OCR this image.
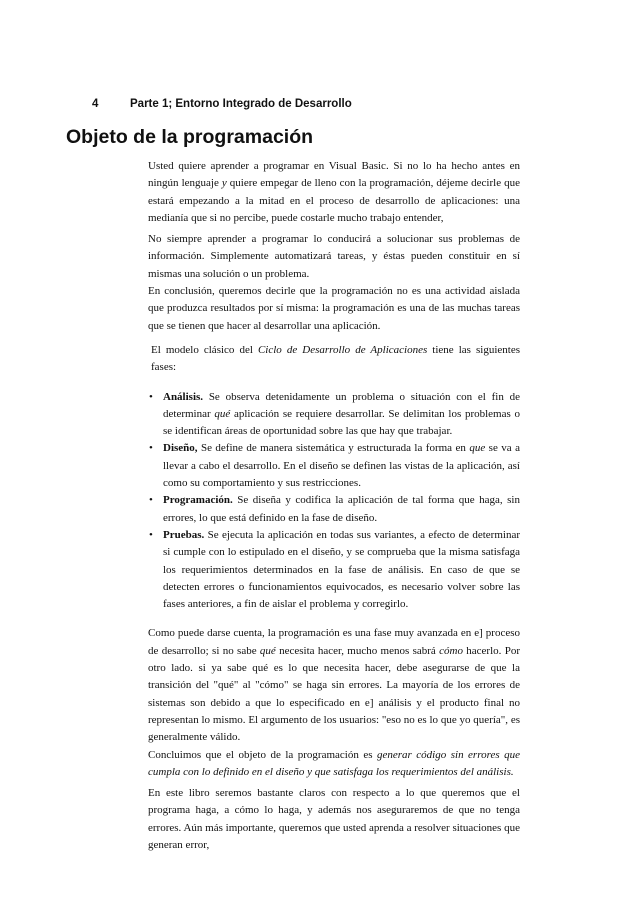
4	Parte 1; Entorno Integrado de Desarrollo
Objeto de la programación

Usted quiere aprender a programar en Visual Basic. Si no lo ha hecho antes en ningún lenguaje y quiere empegar de lleno con la programación, déjeme decirle que estará empezando a la mitad en el proceso de desarrollo de aplicaciones: una medianía que si no percibe, puede costarle mucho trabajo entender,

No siempre aprender a programar lo conducirá a solucionar sus problemas de información. Simplemente automatizará tareas, y éstas pueden constituir en sí mismas una solución o un problema.

En conclusión, queremos decirle que la programación no es una actividad aislada que produzca resultados por sí misma: la programación es una de las muchas tareas que se tienen que hacer al desarrollar una aplicación.

El modelo clásico del Ciclo de Desarrollo de Aplicaciones tiene las siguientes fases:

• Análisis. Se observa detenidamente un problema o situación con el fin de determinar qué aplicación se requiere desarrollar. Se delimitan los problemas o se identifican áreas de oportunidad sobre las que hay que trabajar.
• Diseño, Se define de manera sistemática y estructurada la forma en que se va a llevar a cabo el desarrollo. En el diseño se definen las vistas de la aplicación, así como su comportamiento y sus restricciones.
• Programación. Se diseña y codifica la aplicación de tal forma que haga, sin errores, lo que está definido en la fase de diseño.
• Pruebas. Se ejecuta la aplicación en todas sus variantes, a efecto de determinar si cumple con lo estipulado en el diseño, y se comprueba que la misma satisfaga los requerimientos determinados en la fase de análisis. En caso de que se detecten errores o funcionamientos equivocados, es necesario volver sobre las fases anteriores, a fin de aislar el problema y corregirlo.

Como puede darse cuenta, la programación es una fase muy avanzada en e] proceso de desarrollo; si no sabe qué necesita hacer, mucho menos sabrá cómo hacerlo. Por otro lado. si ya sabe qué es lo que necesita hacer, debe asegurarse de que la transición del "qué" al "cómo" se haga sin errores. La mayoría de los errores de sistemas son debido a que lo especificado en e] análisis y el producto final no representan lo mismo. El argumento de los usuarios: "eso no es lo que yo quería", es generalmente válido.

Concluimos que el objeto de la programación es generar código sin errores que cumpla con lo definido en el diseño y que satisfaga los requerimientos del análisis.

En este libro seremos bastante claros con respecto a lo que queremos que el programa haga, a cómo lo haga, y además nos aseguraremos de que no tenga errores. Aún más importante, queremos que usted aprenda a resolver situaciones que generan error,
